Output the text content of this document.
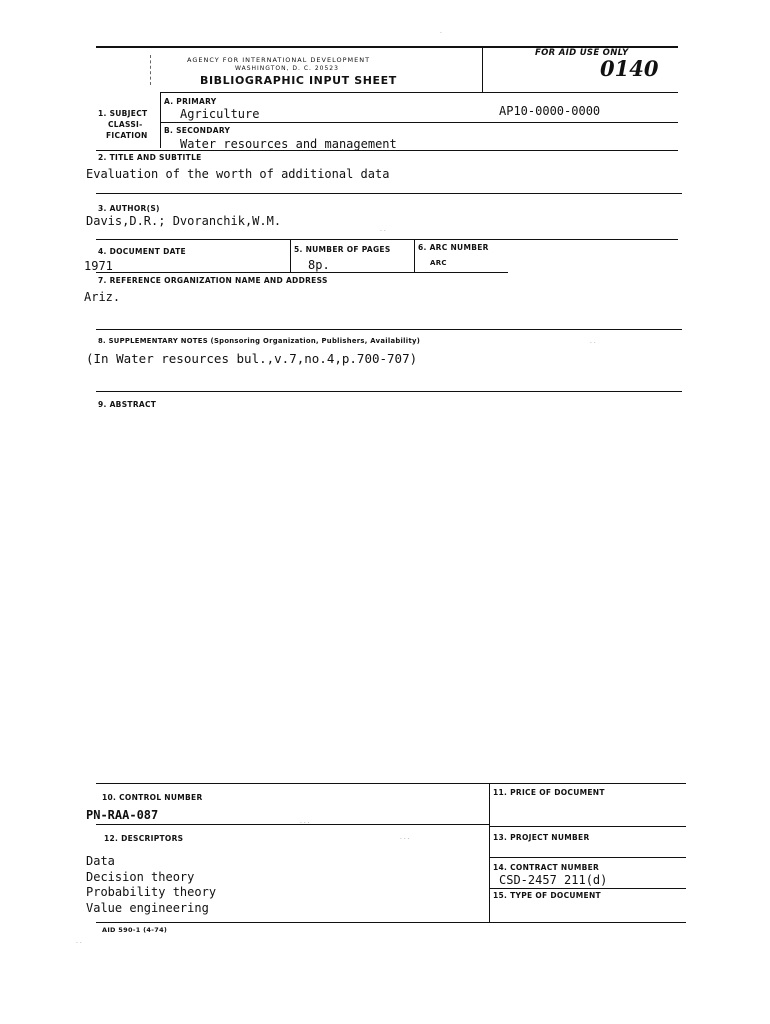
AGENCY FOR INTERNATIONAL DEVELOPMENT
WASHINGTON, D. C. 20523
BIBLIOGRAPHIC INPUT SHEET
FOR AID USE ONLY
0140
1. SUBJECT
CLASSI-
FICATION
A. PRIMARY
Agriculture	AP10-0000-0000
B. SECONDARY
Water resources and management
2. TITLE AND SUBTITLE
Evaluation of the worth of additional data
3. AUTHOR(S)
Davis,D.R.; Dvoranchik,W.M.
4. DOCUMENT DATE
1971
5. NUMBER OF PAGES
8p.
6. ARC NUMBER
ARC
7. REFERENCE ORGANIZATION NAME AND ADDRESS
Ariz.
8. SUPPLEMENTARY NOTES (Sponsoring Organization, Publishers, Availability)
(In Water resources bul.,v.7,no.4,p.700-707)
9. ABSTRACT
10. CONTROL NUMBER
PN-RAA-087
11. PRICE OF DOCUMENT
12. DESCRIPTORS
Data
Decision theory
Probability theory
Value engineering
13. PROJECT NUMBER
14. CONTRACT NUMBER
CSD-2457 211(d)
15. TYPE OF DOCUMENT
AID 590-1 (4-74)
·
· ·
· ·
· · ·
· · ·
· ·
